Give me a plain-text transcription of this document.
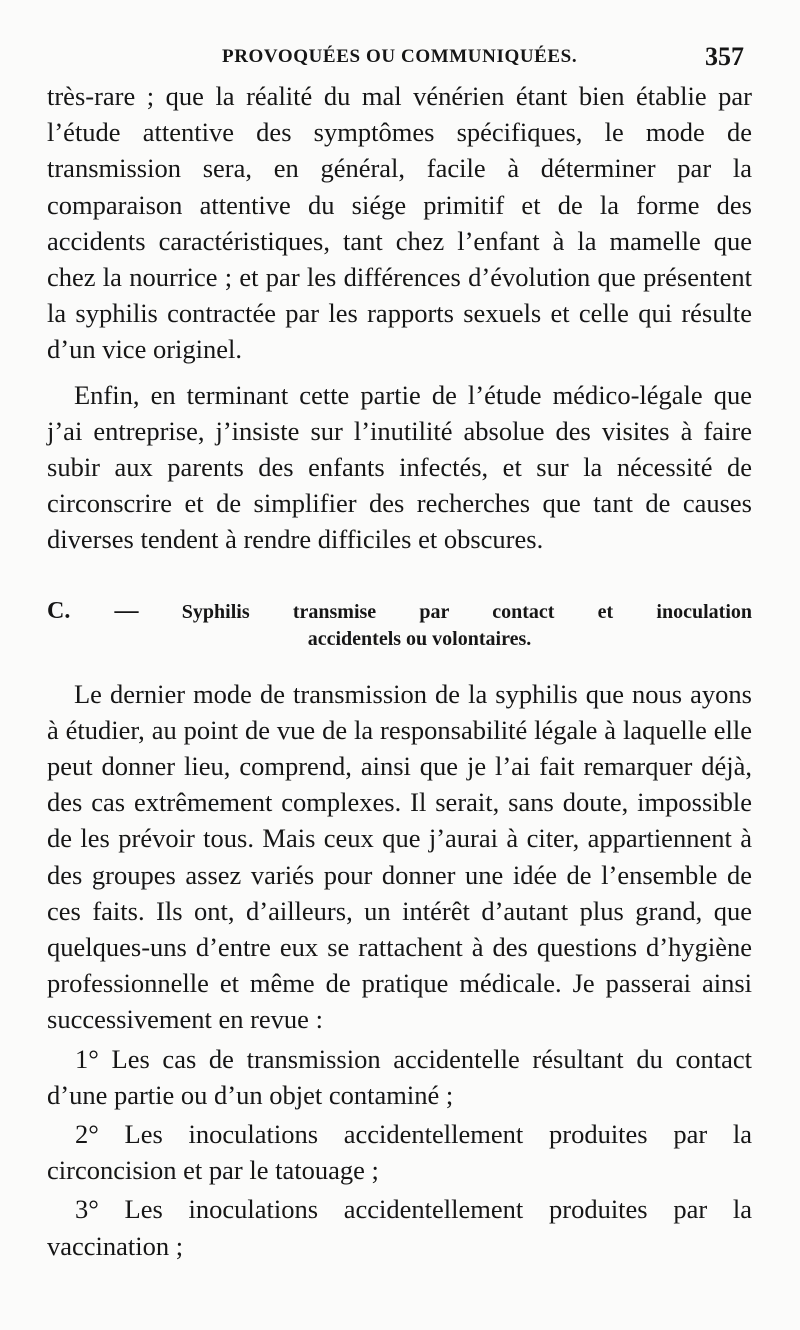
PROVOQUÉES OU COMMUNIQUÉES.	357

très-rare ; que la réalité du mal vénérien étant bien établie par l’étude attentive des symptômes spécifiques, le mode de transmission sera, en général, facile à déterminer par la comparaison attentive du siége primitif et de la forme des accidents caractéristiques, tant chez l’enfant à la mamelle que chez la nourrice ; et par les différences d’évolution que présentent la syphilis contractée par les rapports sexuels et celle qui résulte d’un vice originel.

Enfin, en terminant cette partie de l’étude médico-légale que j’ai entreprise, j’insiste sur l’inutilité absolue des visites à faire subir aux parents des enfants infectés, et sur la nécessité de circonscrire et de simplifier des recherches que tant de causes diverses tendent à rendre difficiles et obscures.

C. — Syphilis transmise par contact et inoculation
accidentels ou volontaires.

Le dernier mode de transmission de la syphilis que nous ayons à étudier, au point de vue de la responsabilité légale à laquelle elle peut donner lieu, comprend, ainsi que je l’ai fait remarquer déjà, des cas extrêmement complexes. Il serait, sans doute, impossible de les prévoir tous. Mais ceux que j’aurai à citer, appartiennent à des groupes assez variés pour donner une idée de l’ensemble de ces faits. Ils ont, d’ailleurs, un intérêt d’autant plus grand, que quelques-uns d’entre eux se rattachent à des questions d’hygiène professionnelle et même de pratique médicale. Je passerai ainsi successivement en revue :

1° Les cas de transmission accidentelle résultant du contact d’une partie ou d’un objet contaminé ;

2° Les inoculations accidentellement produites par la circoncision et par le tatouage ;

3° Les inoculations accidentellement produites par la vaccination ;
